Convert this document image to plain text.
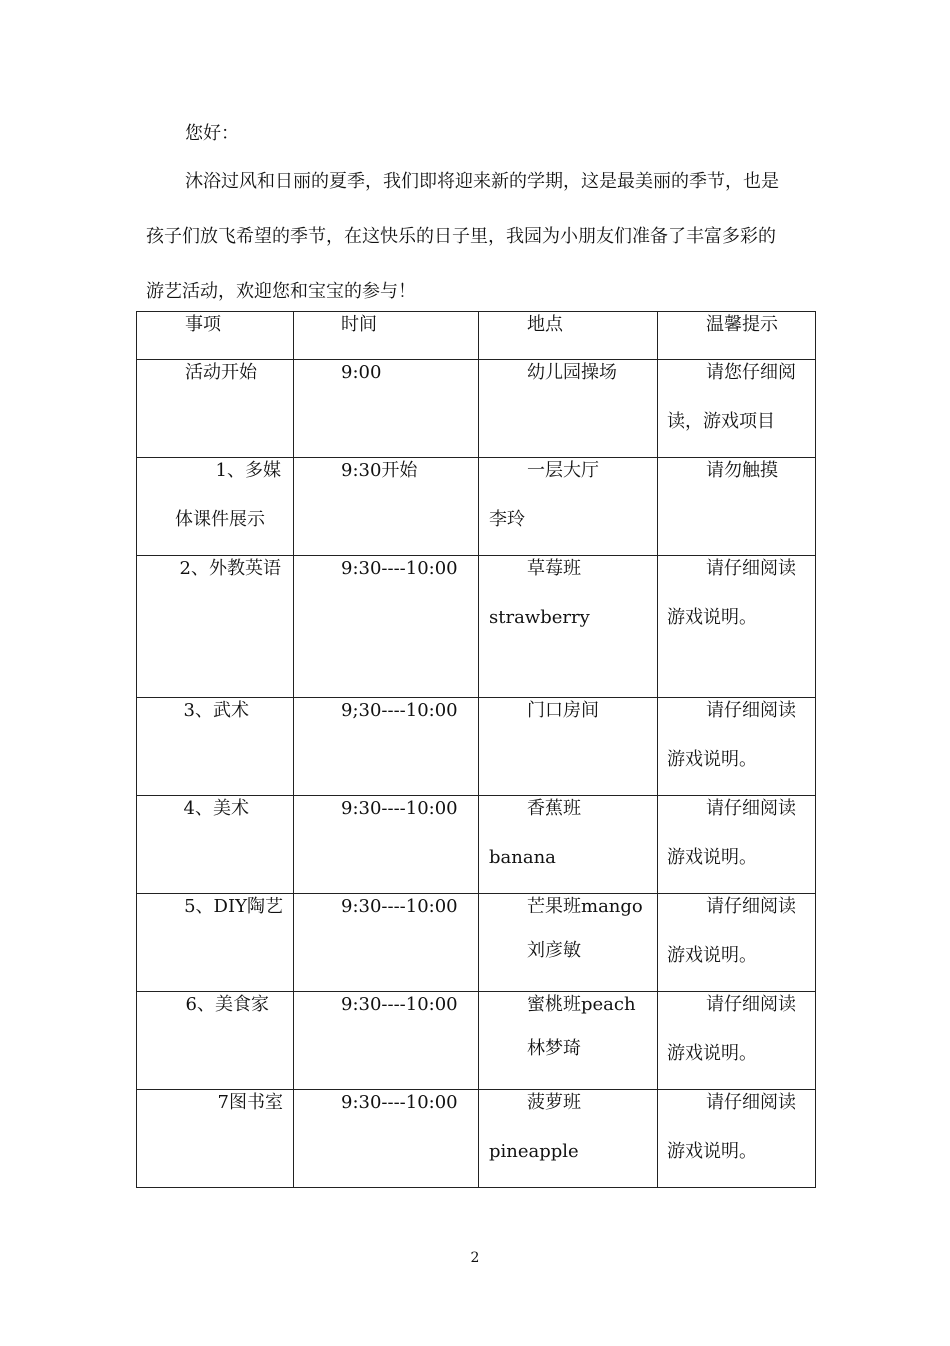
您好：

沐浴过风和日丽的夏季，我们即将迎来新的学期，这是最美丽的季节，也是
孩子们放飞希望的季节，在这快乐的日子里，我园为小朋友们准备了丰富多彩的
游艺活动，欢迎您和宝宝的参与！

事项	时间	地点	温馨提示

活动开始	9:00	幼儿园操场	请您仔细阅
读，游戏项目

1、多媒
体课件展示	9:30开始	一层大厅
李玲	请勿触摸

2、外教英语	9:30----10:00	草莓班
strawberry	请仔细阅读
游戏说明。

3、武术	9;30----10:00	门口房间	请仔细阅读
游戏说明。

4、美术	9:30----10:00	香蕉班
banana	请仔细阅读
游戏说明。

5、DIY陶艺	9:30----10:00	芒果班mango
刘彦敏	请仔细阅读
游戏说明。

6、美食家	9:30----10:00	蜜桃班peach
林梦琦	请仔细阅读
游戏说明。

7图书室	9:30----10:00	菠萝班
pineapple	请仔细阅读
游戏说明。
2
